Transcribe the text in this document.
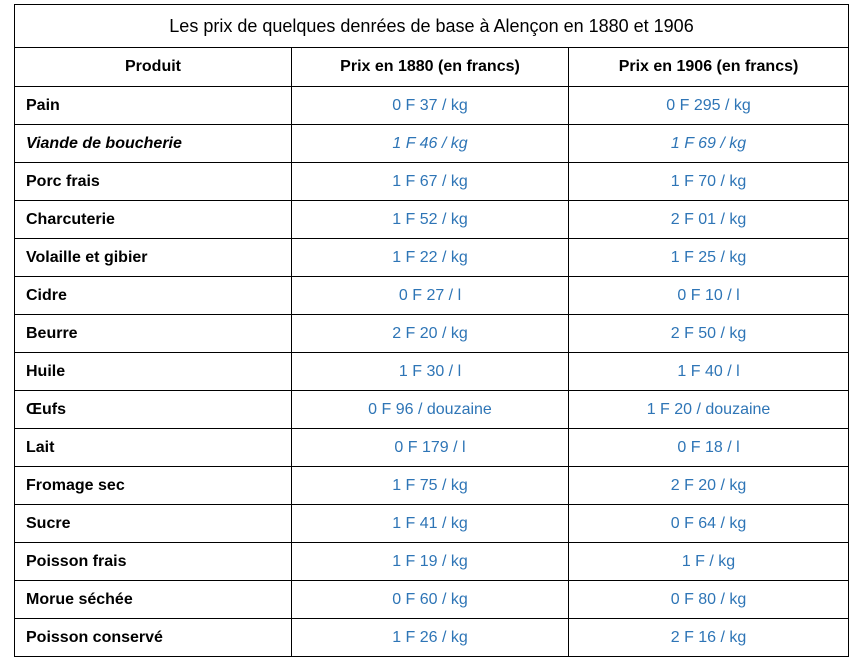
Les prix de quelques denrées de base à Alençon en 1880 et 1906		
Produit	Prix en 1880 (en francs)	Prix en 1906 (en francs)
Pain	0 F 37 / kg	0 F 295 / kg
Viande de boucherie	1 F 46 / kg	1 F 69 / kg
Porc frais	1 F 67 / kg	1 F 70 / kg
Charcuterie	1 F 52 / kg	2 F 01 / kg
Volaille et gibier	1 F 22 / kg	1 F 25 / kg
Cidre	0 F 27 / l	0 F 10 / l
Beurre	2 F 20 / kg	2 F 50 / kg
Huile	1 F 30 / l	1 F 40 / l
Œufs	0 F 96 / douzaine	1 F 20 / douzaine
Lait	0 F 179 / l	0 F 18 / l
Fromage sec	1 F 75 / kg	2 F 20 / kg
Sucre	1 F 41 / kg	0 F 64 / kg
Poisson frais	1 F 19 / kg	1 F / kg
Morue séchée	0 F 60 / kg	0 F 80 / kg
Poisson conservé	1 F 26 / kg	2 F 16 / kg
